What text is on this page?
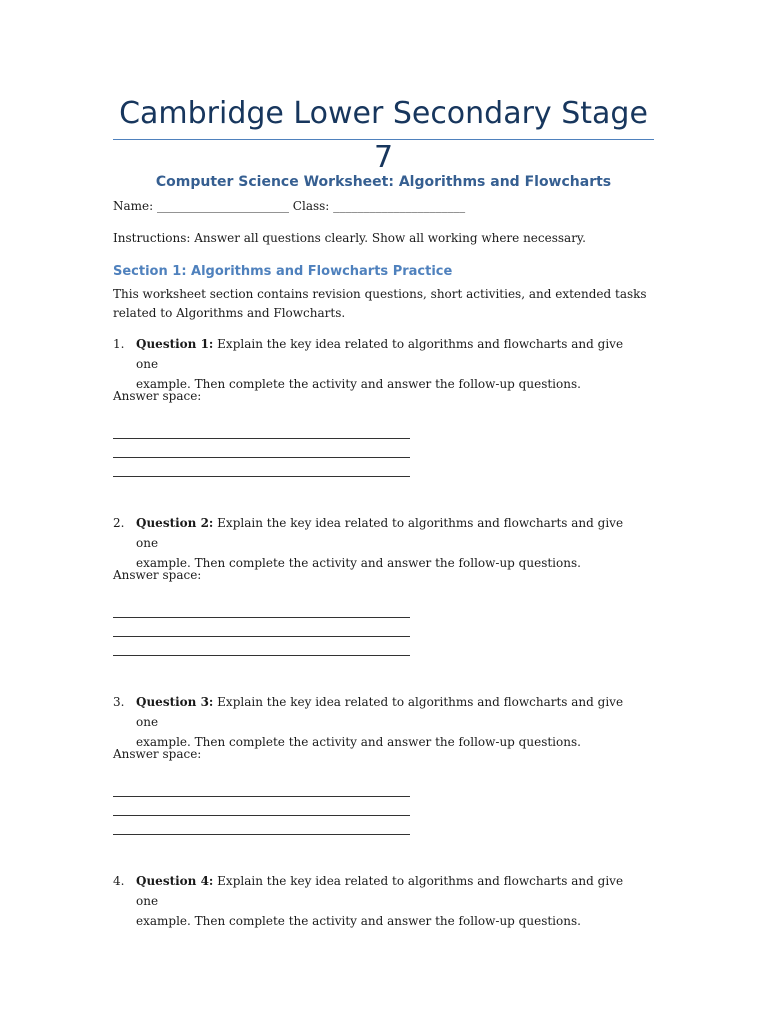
Cambridge Lower Secondary Stage 7
Computer Science Worksheet: Algorithms and Flowcharts

Name: ______________________ Class: ______________________

Instructions: Answer all questions clearly. Show all working where necessary.

Section 1: Algorithms and Flowcharts Practice

This worksheet section contains revision questions, short activities, and extended tasks

related to Algorithms and Flowcharts.

1. Question 1: Explain the key idea related to algorithms and flowcharts and give one
example. Then complete the activity and answer the follow-up questions.
Answer space:
2. Question 2: Explain the key idea related to algorithms and flowcharts and give one
example. Then complete the activity and answer the follow-up questions.
Answer space:
3. Question 3: Explain the key idea related to algorithms and flowcharts and give one
example. Then complete the activity and answer the follow-up questions.
Answer space:
4. Question 4: Explain the key idea related to algorithms and flowcharts and give one
example. Then complete the activity and answer the follow-up questions.
